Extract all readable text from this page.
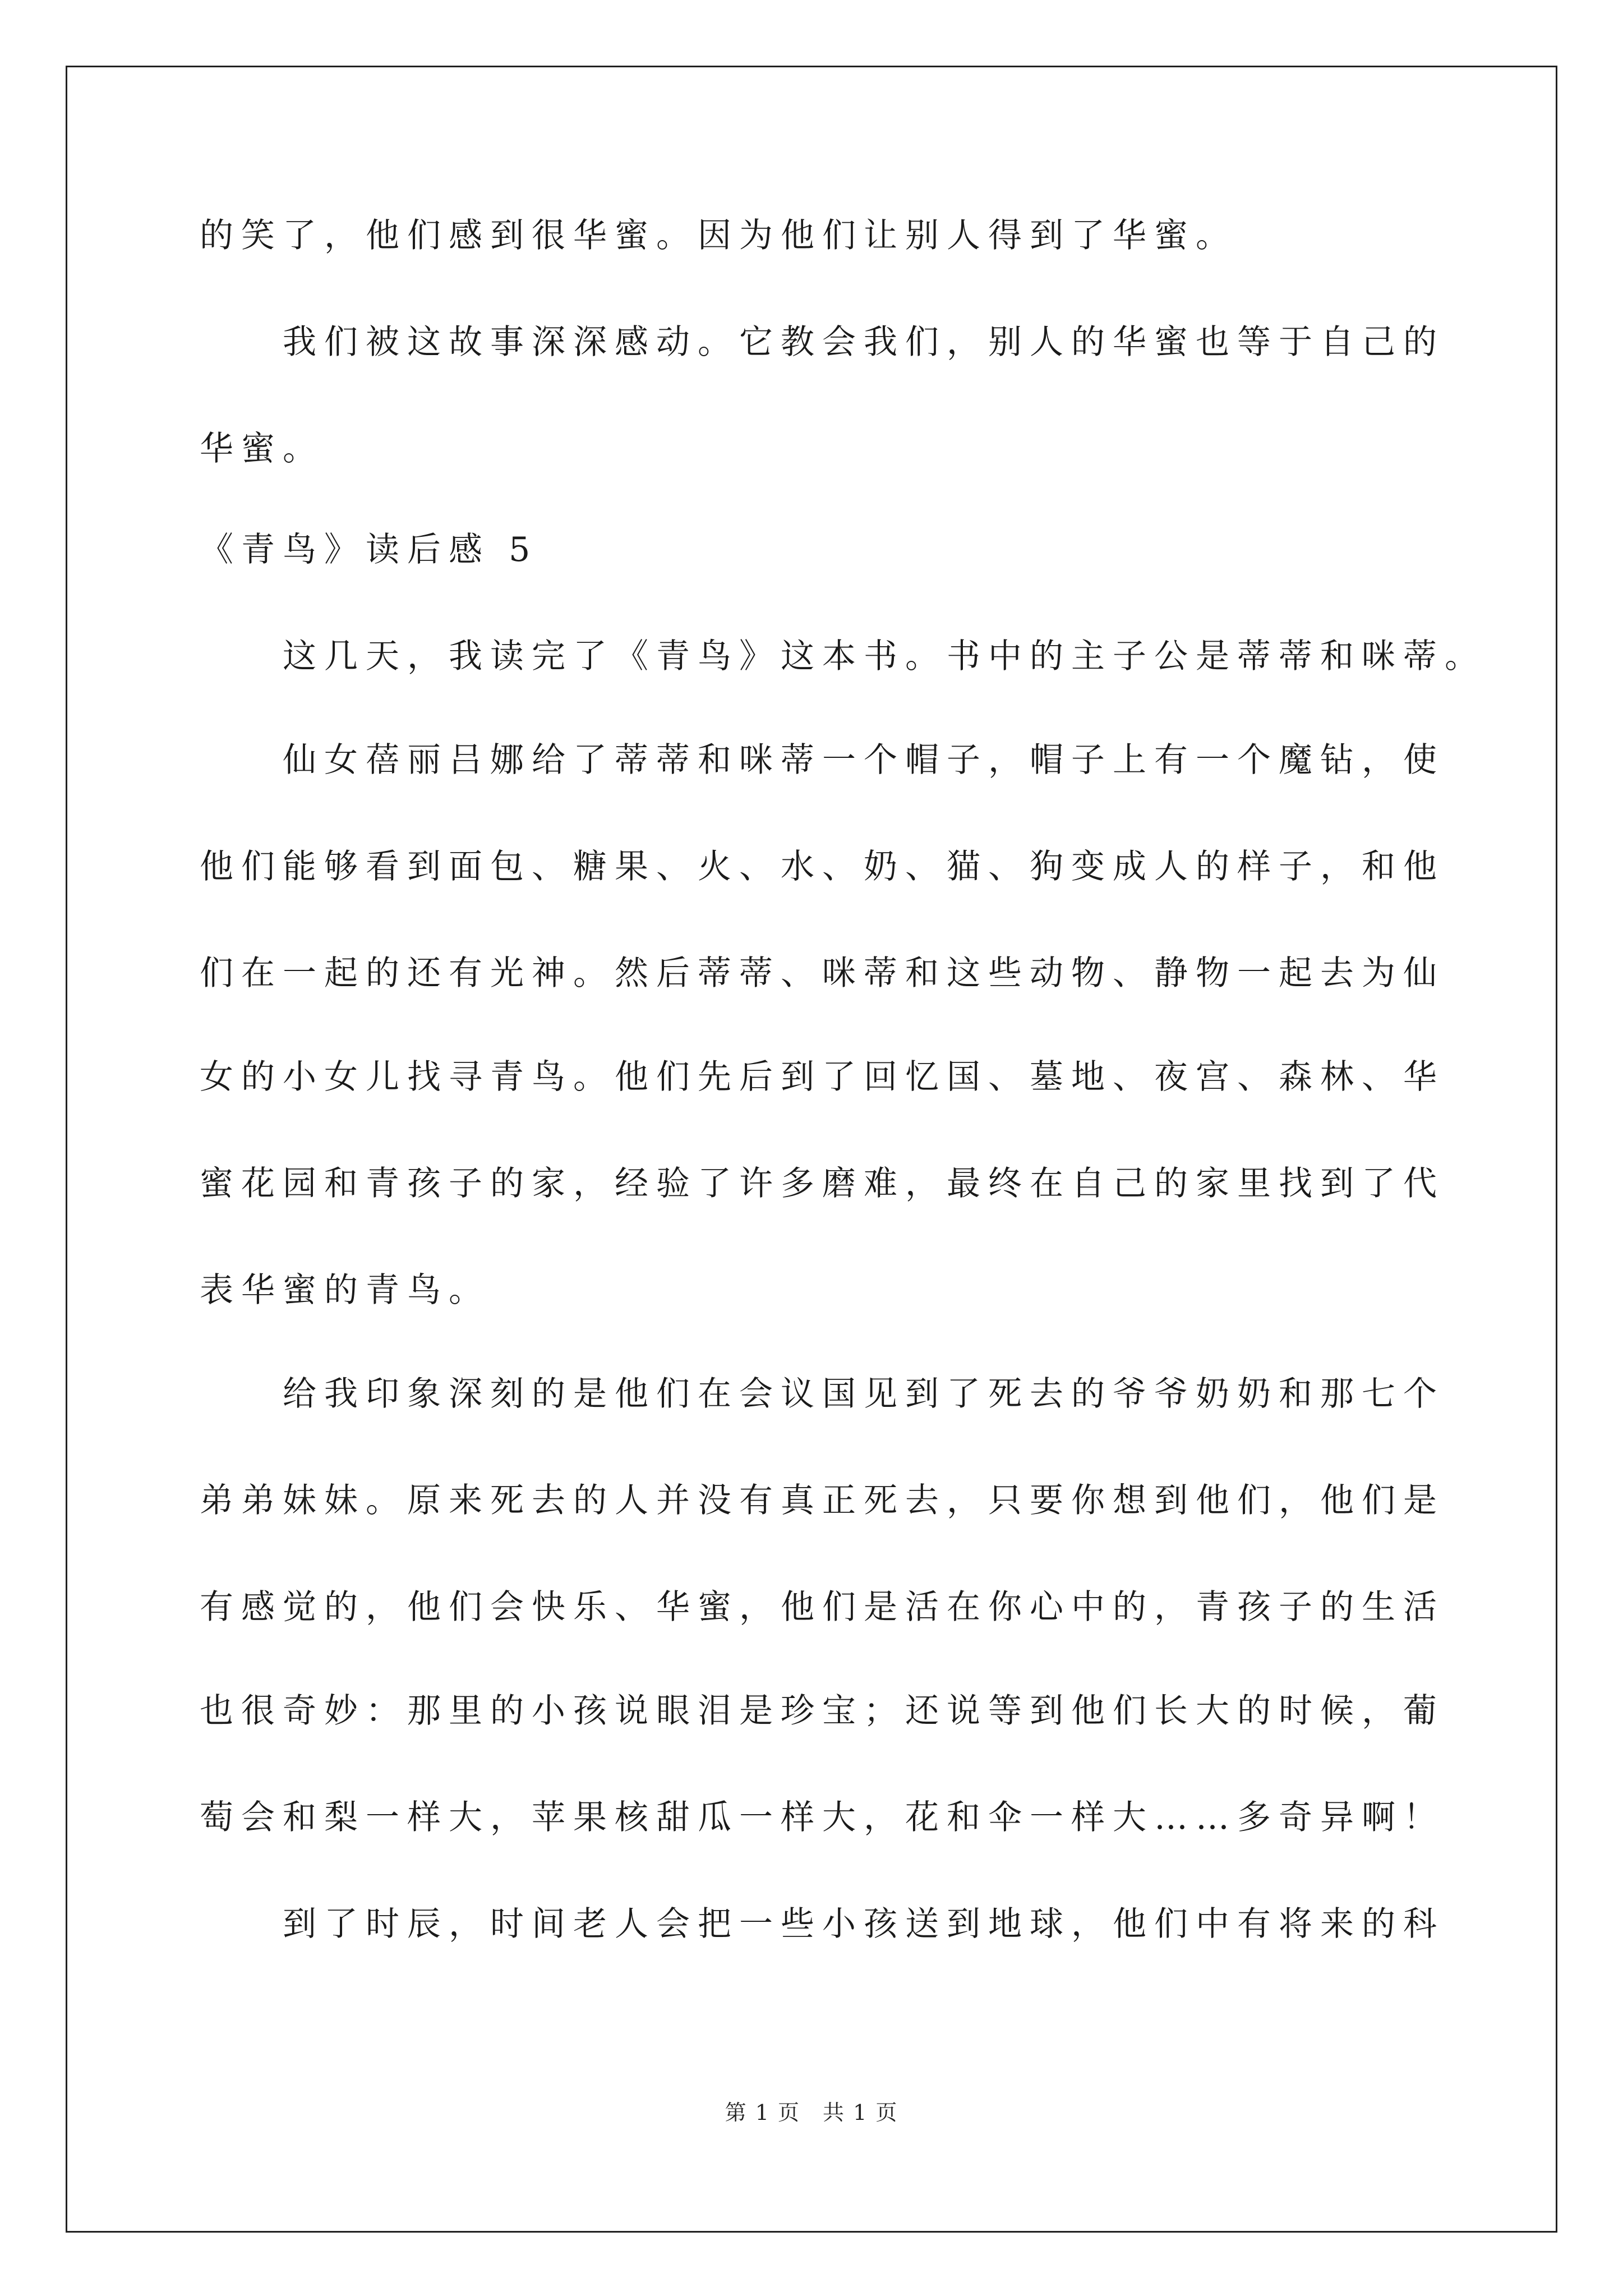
的笑了，他们感到很华蜜。因为他们让别人得到了华蜜。
我们被这故事深深感动。它教会我们，别人的华蜜也等于自己的
华蜜。
《青鸟》读后感 5
这几天，我读完了《青鸟》这本书。书中的主子公是蒂蒂和咪蒂。
仙女蓓丽吕娜给了蒂蒂和咪蒂一个帽子，帽子上有一个魔钻，使
他们能够看到面包、糖果、火、水、奶、猫、狗变成人的样子，和他
们在一起的还有光神。然后蒂蒂、咪蒂和这些动物、静物一起去为仙
女的小女儿找寻青鸟。他们先后到了回忆国、墓地、夜宫、森林、华
蜜花园和青孩子的家，经验了许多磨难，最终在自己的家里找到了代
表华蜜的青鸟。
给我印象深刻的是他们在会议国见到了死去的爷爷奶奶和那七个
弟弟妹妹。原来死去的人并没有真正死去，只要你想到他们，他们是
有感觉的，他们会快乐、华蜜，他们是活在你心中的，青孩子的生活
也很奇妙：那里的小孩说眼泪是珍宝；还说等到他们长大的时候，葡
萄会和梨一样大，苹果核甜瓜一样大，花和伞一样大……多奇异啊！
到了时辰，时间老人会把一些小孩送到地球，他们中有将来的科
第 1 页　共 1 页
